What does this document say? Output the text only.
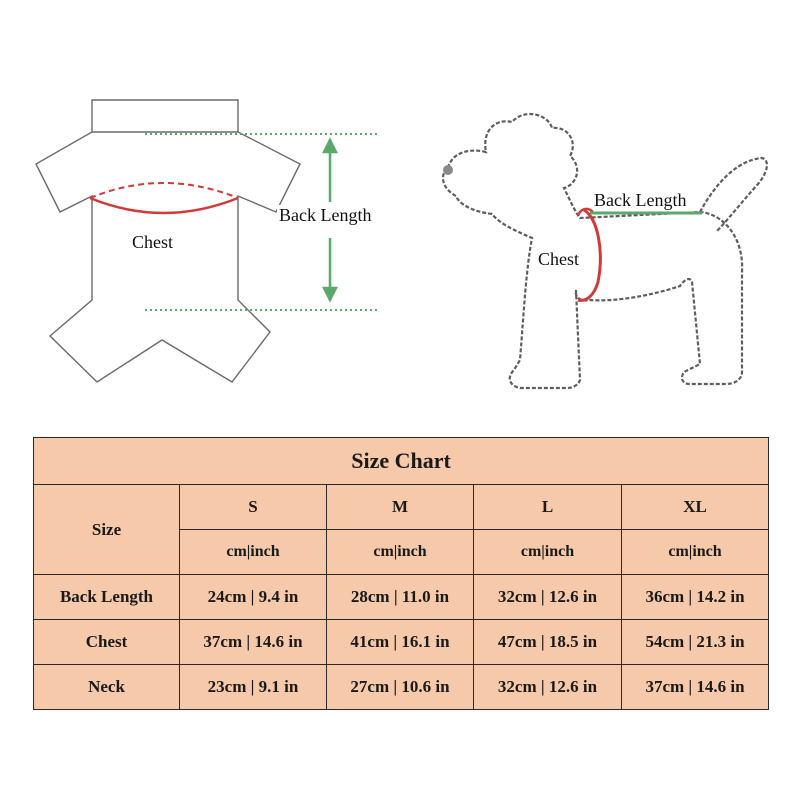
Chest
Back Length
Chest
Back Length
Size Chart				
Size	S	M	L	XL
	cm|inch	cm|inch	cm|inch	cm|inch
Back Length	24cm | 9.4 in	28cm | 11.0 in	32cm | 12.6 in	36cm | 14.2 in
Chest	37cm | 14.6 in	41cm | 16.1 in	47cm | 18.5 in	54cm | 21.3 in
Neck	23cm | 9.1 in	27cm | 10.6 in	32cm | 12.6 in	37cm | 14.6 in
